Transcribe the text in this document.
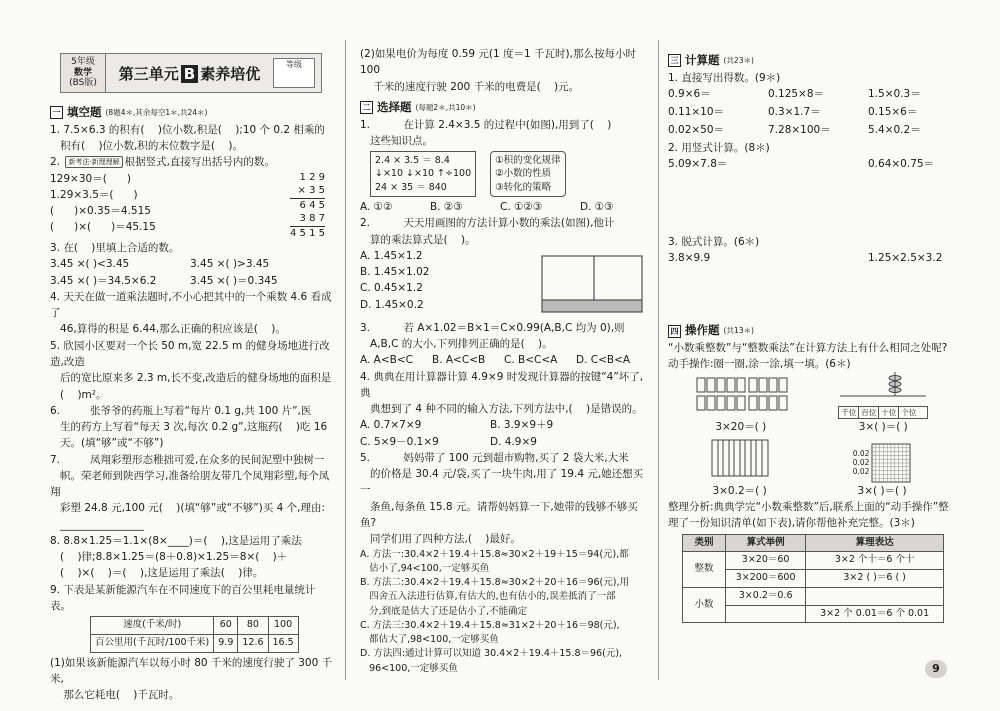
5年级
数学
(BS版)
第三单元 B 素养培优	等级
一 填空题 (8题4＊,其余每空1＊,共24＊)

1. 7.5×6.3 的积有(    )位小数,积是(    );10 个 0.2 相乘的

积有(    )位小数,积的末位数字是(    )。

2. 新考法·新理理解 根据竖式,直接写出括号内的数。

129×30＝(      )

1.29×3.5＝(      )

(      )×0.35＝4.515

(      )×(      )＝45.15

1 2 9
× 3 5
6 4 5
3 8 7
4 5 1 5

3. 在(    )里填上合适的数。

3.45 ×( )<3.45	3.45 ×( )>3.45
3.45 ×( )＝34.5×6.2	3.45 ×( )＝0.345

4. 天天在做一道乘法题时,不小心把其中的一个乘数 4.6 看成了

46,算得的积是 6.44,那么正确的积应该是(    )。

5. 欣园小区要对一个长 50 m,宽 22.5 m 的健身场地进行改造,改造

后的宽比原来多 2.3 m,长不变,改造后的健身场地的面积是

(    )m²。

6.         张爷爷的药瓶上写着“每片 0.1 g,共 100 片”,医

生的药方上写着“每天 3 次,每次 0.2 g”,这瓶药(    )吃 16

天。(填“够”或“不够”)

7.         凤翔彩塑形态稚拙可爱,在众多的民间泥塑中独树一

帜。荣老师到陕西学习,准备给朋友带几个凤翔彩塑,每个凤翔

彩塑 24.8 元,100 元(    )(填“够”或“不够”)买 4 个,理由:

________________

8. 8.8×1.25＝1.1×(8×____)＝(    ),这是运用了乘法

(    )律;8.8×1.25＝(8＋0.8)×1.25＝8×(    )＋

(    )×(    )＝(    ),这是运用了乘法(    )律。

9. 下表是某新能源汽车在不同速度下的百公里耗电量统计表。

速度(千米/时)	60	80	100
百公里用(千瓦时/100千米)	9.9	12.6	16.5

(1)如果该新能源汽车以每小时 80 千米的速度行驶了 300 千米,

那么它耗电(    )千瓦时。

(2)如果电价为每度 0.59 元(1 度＝1 千瓦时),那么按每小时 100

千米的速度行驶 200 千米的电费是(    )元。

二 选择题 (每题2＊,共10＊)

1.          在计算 2.4×3.5 的过程中(如图),用到了(    )

这些知识点。

2.4 × 3.5 ＝ 8.4
↓×10 ↓×10 ↑÷100
24 × 35 ＝ 840
①积的变化规律
②小数的性质
③转化的策略
A. ①②	B. ②③	C. ①②③	D. ①③

2.          天天用画图的方法计算小数的乘法(如图),他计

算的乘法算式是(    )。

A. 1.45×1.2

B. 1.45×1.02

C. 0.45×1.2

D. 1.45×0.2

3.          若 A×1.02＝B×1＝C×0.99(A,B,C 均为 0),则

A,B,C 的大小,下列排列正确的是(    )。

A. A<B<C	B. A<C<B	C. B<C<A	D. C<B<A

4. 典典在用计算器计算 4.9×9 时发现计算器的按键“4”坏了,典

典想到了 4 种不同的输入方法,下列方法中,(    )是错误的。

A. 0.7×7×9	B. 3.9×9＋9
C. 5×9－0.1×9	D. 4.9×9

5.          妈妈带了 100 元到超市购物,买了 2 袋大米,大米

的价格是 30.4 元/袋,买了一块牛肉,用了 19.4 元,她还想买一

条鱼,每条鱼 15.8 元。请帮妈妈算一下,她带的钱够不够买鱼?

同学们用了四种方法,(    )最好。

A. 方法一:30.4×2＋19.4＋15.8≈30×2＋19＋15＝94(元),都

估小了,94<100,一定够买鱼

B. 方法二:30.4×2＋19.4＋15.8≈30×2＋20＋16＝96(元),用

四舍五入法进行估算,有估大的,也有估小的,误差抵消了一部

分,到底是估大了还是估小了,不能确定

C. 方法三:30.4×2＋19.4＋15.8≈31×2＋20＋16＝98(元),

都估大了,98<100,一定够买鱼

D. 方法四:通过计算可以知道 30.4×2＋19.4＋15.8＝96(元),

96<100,一定够买鱼

三 计算题 (共23＊)

1. 直接写出得数。(9＊)

0.9×6＝	0.125×8＝	1.5×0.3＝
0.11×10＝	0.3×1.7＝	0.15×6＝
0.02×50＝	7.28×100＝	5.4×0.2＝

2. 用竖式计算。(8＊)

5.09×7.8＝	0.64×0.75＝

3. 脱式计算。(6＊)

3.8×9.9	1.25×2.5×3.2
四 操作题 (共13＊)

“小数乘整数”与“整数乘法”在计算方法上有什么相同之处呢?

动手操作:圈一圈,涂一涂,填一填。(6＊)

3×20＝( )
千位 百位 十位 个位
3×( )＝( )
3×0.2＝( )
0.02
0.02
0.02
3×( )＝( )

整理分析:典典学完“小数乘整数”后,联系上面的“动手操作”整

理了一份知识清单(如下表),请你帮他补充完整。(3＊)

类别	算式举例	算理表达
整数	3×20＝60	3×2 个十＝6 个十
	3×200＝600	3×2 ( )＝6 ( )
小数	3×0.2＝0.6	
		3×2 个 0.01＝6 个 0.01
9
